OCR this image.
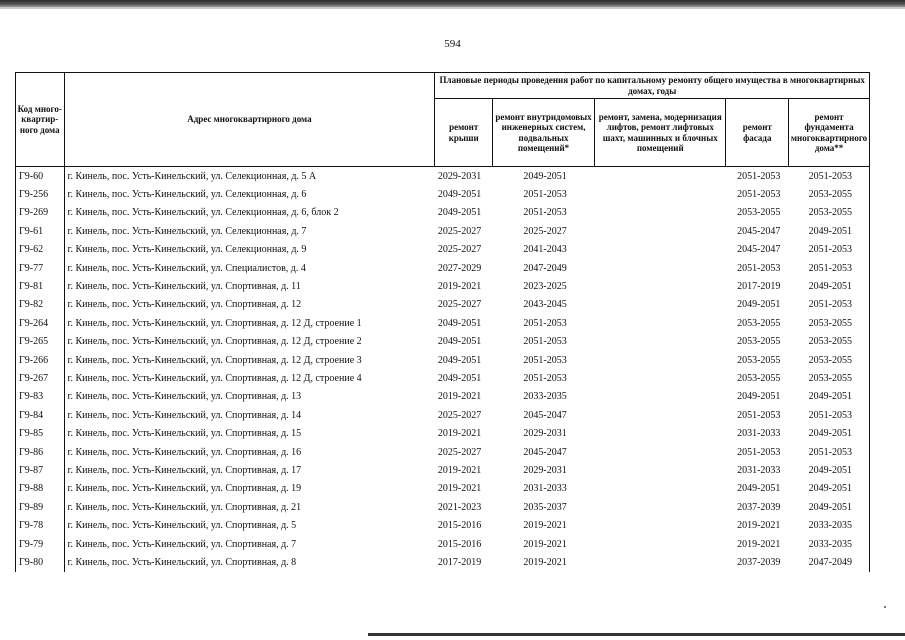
594
Код много-квартир-ного дома	Адрес многоквартирного дома	Плановые периоды проведения работ по капитальному ремонту общего имущества в многоквартирных домах, годы				
		ремонт крыши	ремонт внутридомовых инженерных систем, подвальных помещений*	ремонт, замена, модернизация лифтов, ремонт лифтовых шахт, машинных и блочных помещений	ремонт фасада	ремонт фундамента многоквартирного дома**
Г9-60	г. Кинель, пос. Усть-Кинельский, ул. Селекционная, д. 5 А	2029-2031	2049-2051		2051-2053	2051-2053
Г9-256	г. Кинель, пос. Усть-Кинельский, ул. Селекционная, д. 6	2049-2051	2051-2053		2051-2053	2053-2055
Г9-269	г. Кинель, пос. Усть-Кинельский, ул. Селекционная, д. 6, блок 2	2049-2051	2051-2053		2053-2055	2053-2055
Г9-61	г. Кинель, пос. Усть-Кинельский, ул. Селекционная, д. 7	2025-2027	2025-2027		2045-2047	2049-2051
Г9-62	г. Кинель, пос. Усть-Кинельский, ул. Селекционная, д. 9	2025-2027	2041-2043		2045-2047	2051-2053
Г9-77	г. Кинель, пос. Усть-Кинельский, ул. Специалистов, д. 4	2027-2029	2047-2049		2051-2053	2051-2053
Г9-81	г. Кинель, пос. Усть-Кинельский, ул. Спортивная, д. 11	2019-2021	2023-2025		2017-2019	2049-2051
Г9-82	г. Кинель, пос. Усть-Кинельский, ул. Спортивная, д. 12	2025-2027	2043-2045		2049-2051	2051-2053
Г9-264	г. Кинель, пос. Усть-Кинельский, ул. Спортивная, д. 12 Д, строение 1	2049-2051	2051-2053		2053-2055	2053-2055
Г9-265	г. Кинель, пос. Усть-Кинельский, ул. Спортивная, д. 12 Д, строение 2	2049-2051	2051-2053		2053-2055	2053-2055
Г9-266	г. Кинель, пос. Усть-Кинельский, ул. Спортивная, д. 12 Д, строение 3	2049-2051	2051-2053		2053-2055	2053-2055
Г9-267	г. Кинель, пос. Усть-Кинельский, ул. Спортивная, д. 12 Д, строение 4	2049-2051	2051-2053		2053-2055	2053-2055
Г9-83	г. Кинель, пос. Усть-Кинельский, ул. Спортивная, д. 13	2019-2021	2033-2035		2049-2051	2049-2051
Г9-84	г. Кинель, пос. Усть-Кинельский, ул. Спортивная, д. 14	2025-2027	2045-2047		2051-2053	2051-2053
Г9-85	г. Кинель, пос. Усть-Кинельский, ул. Спортивная, д. 15	2019-2021	2029-2031		2031-2033	2049-2051
Г9-86	г. Кинель, пос. Усть-Кинельский, ул. Спортивная, д. 16	2025-2027	2045-2047		2051-2053	2051-2053
Г9-87	г. Кинель, пос. Усть-Кинельский, ул. Спортивная, д. 17	2019-2021	2029-2031		2031-2033	2049-2051
Г9-88	г. Кинель, пос. Усть-Кинельский, ул. Спортивная, д. 19	2019-2021	2031-2033		2049-2051	2049-2051
Г9-89	г. Кинель, пос. Усть-Кинельский, ул. Спортивная, д. 21	2021-2023	2035-2037		2037-2039	2049-2051
Г9-78	г. Кинель, пос. Усть-Кинельский, ул. Спортивная, д. 5	2015-2016	2019-2021		2019-2021	2033-2035
Г9-79	г. Кинель, пос. Усть-Кинельский, ул. Спортивная, д. 7	2015-2016	2019-2021		2019-2021	2033-2035
Г9-80	г. Кинель, пос. Усть-Кинельский, ул. Спортивная, д. 8	2017-2019	2019-2021		2037-2039	2047-2049
